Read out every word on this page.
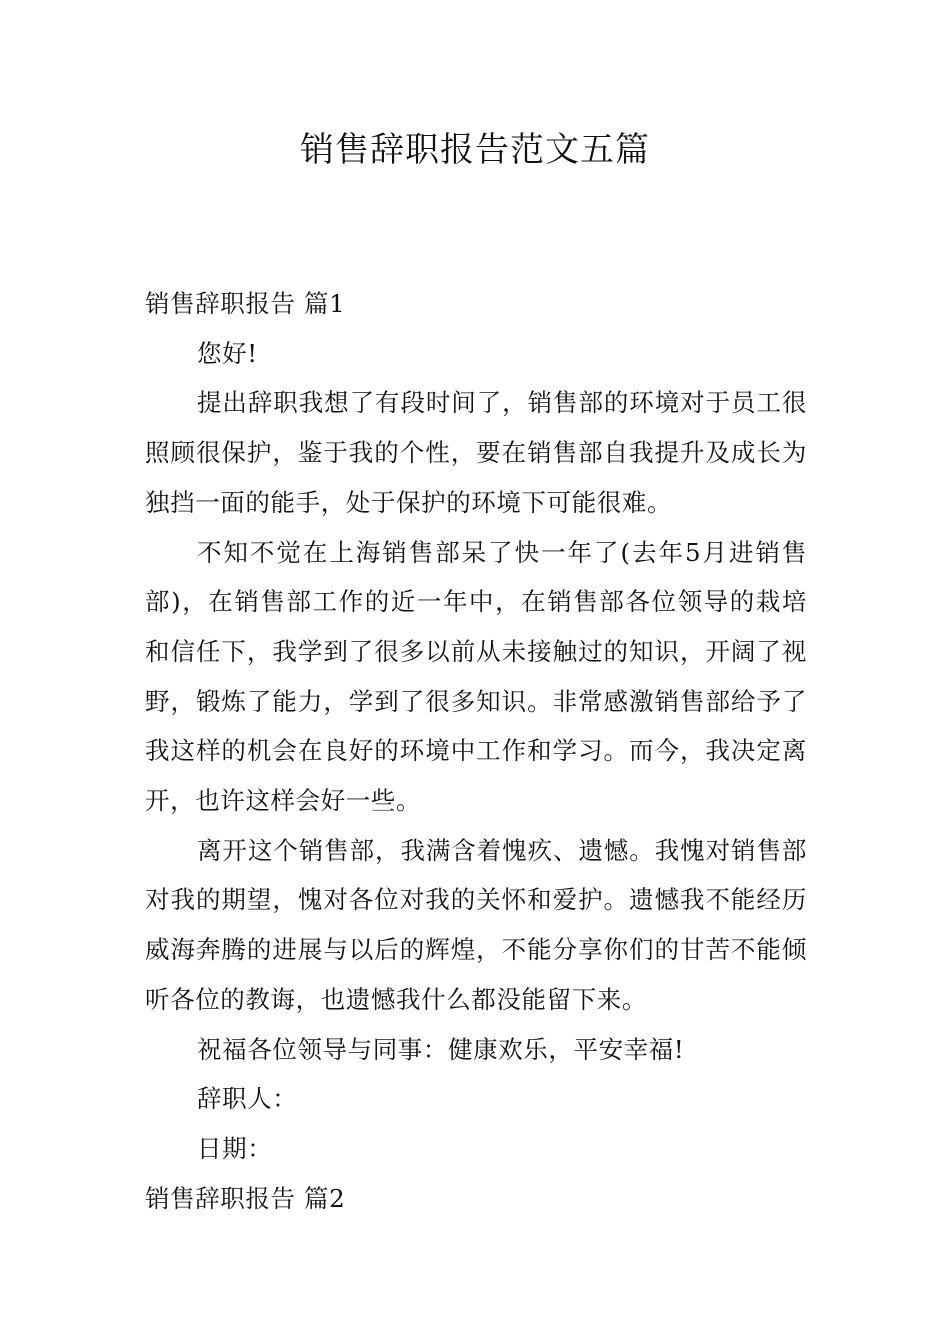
销售辞职报告范文五篇

销售辞职报告 篇1

您好!

提出辞职我想了有段时间了，销售部的环境对于员工很照顾很保护，鉴于我的个性，要在销售部自我提升及成长为独挡一面的能手，处于保护的环境下可能很难。

不知不觉在上海销售部呆了快一年了(去年5月进销售部)，在销售部工作的近一年中，在销售部各位领导的栽培和信任下，我学到了很多以前从未接触过的知识，开阔了视野，锻炼了能力，学到了很多知识。非常感激销售部给予了我这样的机会在良好的环境中工作和学习。而今，我决定离开，也许这样会好一些。

离开这个销售部，我满含着愧疚、遗憾。我愧对销售部对我的期望，愧对各位对我的关怀和爱护。遗憾我不能经历威海奔腾的进展与以后的辉煌，不能分享你们的甘苦不能倾听各位的教诲，也遗憾我什么都没能留下来。

祝福各位领导与同事：健康欢乐，平安幸福!

辞职人：

日期：

销售辞职报告 篇2
